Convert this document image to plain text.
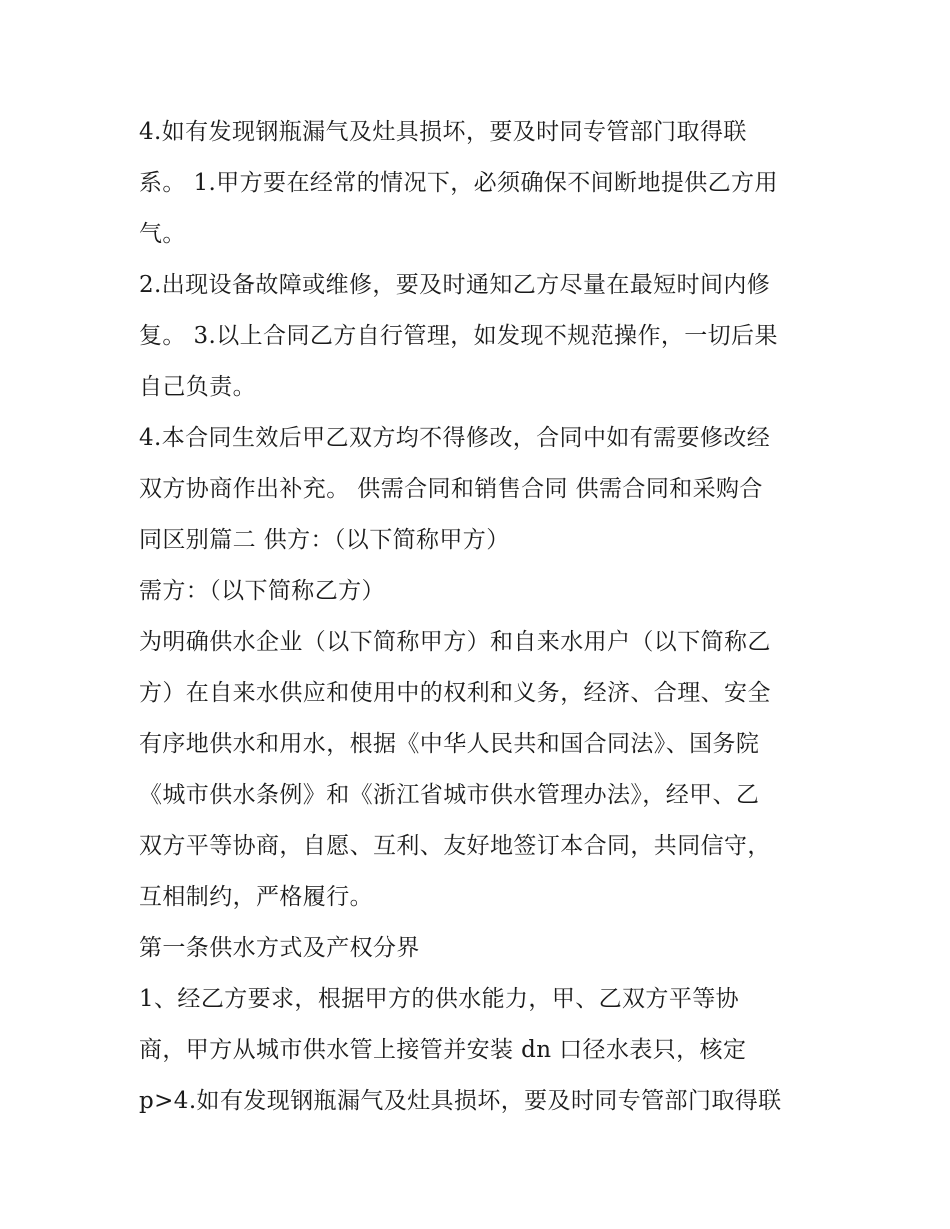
4.如有发现钢瓶漏气及灶具损坏，要及时同专管部门取得联
系。 1.甲方要在经常的情况下，必须确保不间断地提供乙方用
气。
2.出现设备故障或维修，要及时通知乙方尽量在最短时间内修
复。 3.以上合同乙方自行管理，如发现不规范操作，一切后果
自己负责。
4.本合同生效后甲乙双方均不得修改，合同中如有需要修改经
双方协商作出补充。 供需合同和销售合同 供需合同和采购合
同区别篇二 供方：（以下简称甲方）
需方：（以下简称乙方）
为明确供水企业（以下简称甲方）和自来水用户（以下简称乙
方）在自来水供应和使用中的权利和义务，经济、合理、安全
有序地供水和用水，根据《中华人民共和国合同法》、国务院
《城市供水条例》和《浙江省城市供水管理办法》，经甲、乙
双方平等协商，自愿、互利、友好地签订本合同，共同信守，
互相制约，严格履行。
第一条供水方式及产权分界
1、经乙方要求，根据甲方的供水能力，甲、乙双方平等协
商，甲方从城市供水管上接管并安装 dn 口径水表只，核定
p>4.如有发现钢瓶漏气及灶具损坏，要及时同专管部门取得联
